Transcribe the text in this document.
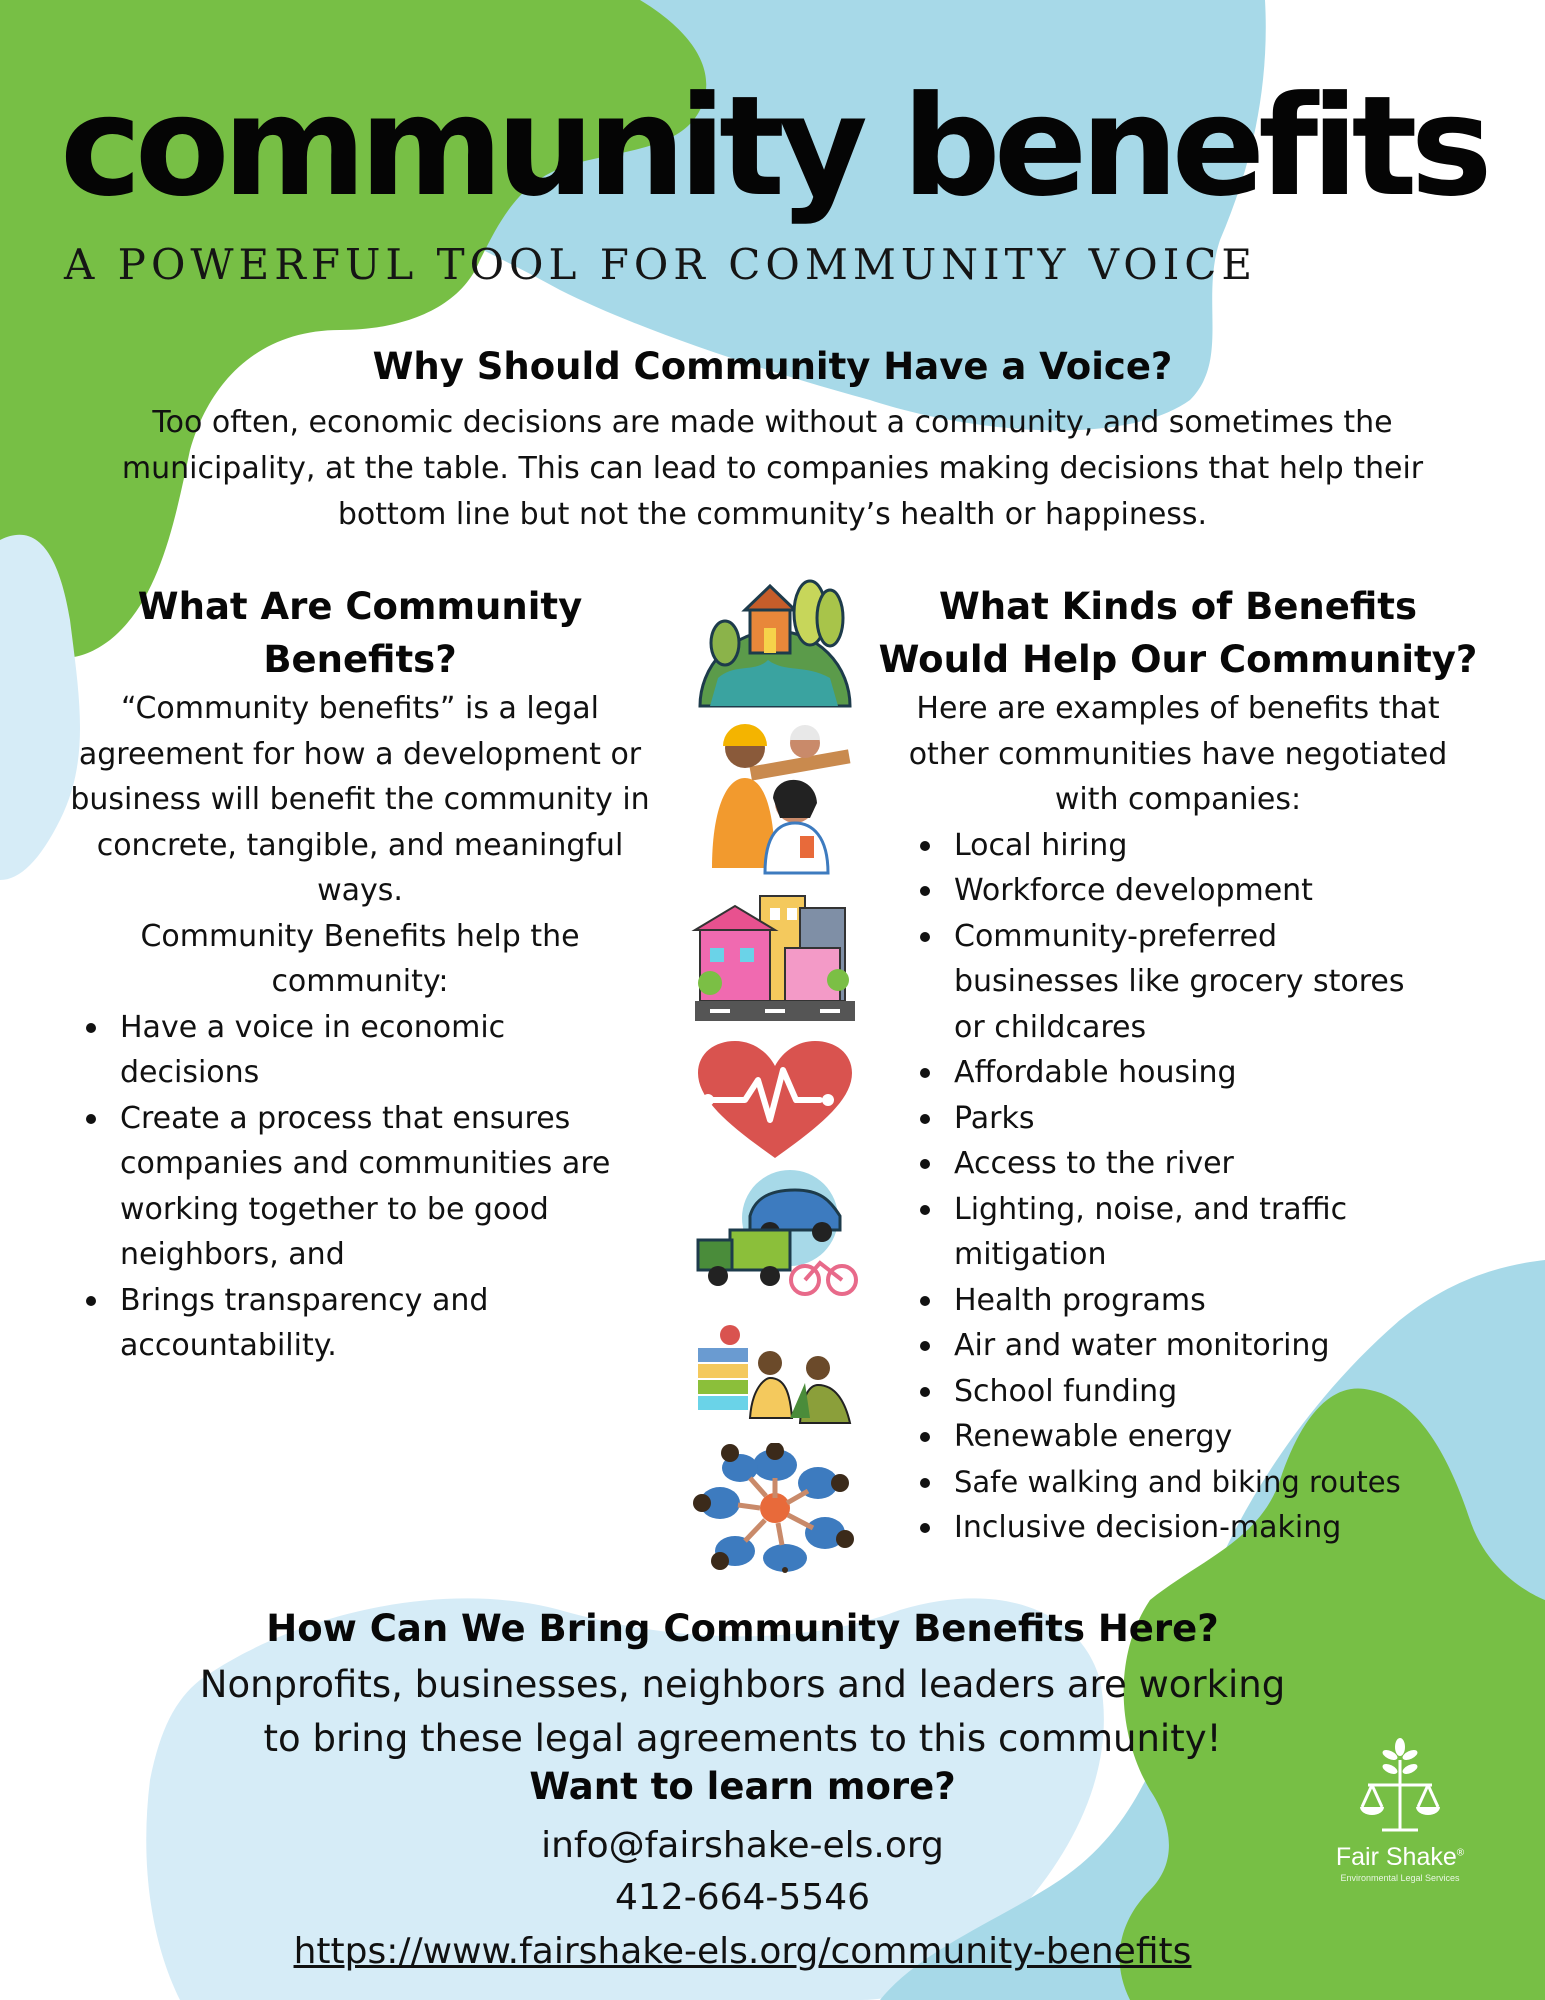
community benefits
A POWERFUL TOOL FOR COMMUNITY VOICE
Why Should Community Have a Voice?
Too often, economic decisions are made without a community, and sometimes the municipality, at the table. This can lead to companies making decisions that help their bottom line but not the community’s health or happiness.
What Are Community Benefits?

“Community benefits” is a legal agreement for how a development or business will benefit the community in concrete, tangible, and meaningful ways.

Community Benefits help the community:

Have a voice in economic decisions
Create a process that ensures companies and communities are working together to be good neighbors, and
Brings transparency and accountability.
What Kinds of Benefits Would Help Our Community?

Here are examples of benefits that other communities have negotiated with companies:

Local hiring
Workforce development
Community-preferred businesses like grocery stores or childcares
Affordable housing
Parks
Access to the river
Lighting, noise, and traffic mitigation
Health programs
Air and water monitoring
School funding
Renewable energy
Safe walking and biking routes
Inclusive decision-making
How Can We Bring Community Benefits Here?
Nonprofits, businesses, neighbors and leaders are working to bring these legal agreements to this community!
Want to learn more?
info@fairshake-els.org
412-664-5546
https://www.fairshake-els.org/community-benefits
Fair Shake®
Environmental Legal Services
